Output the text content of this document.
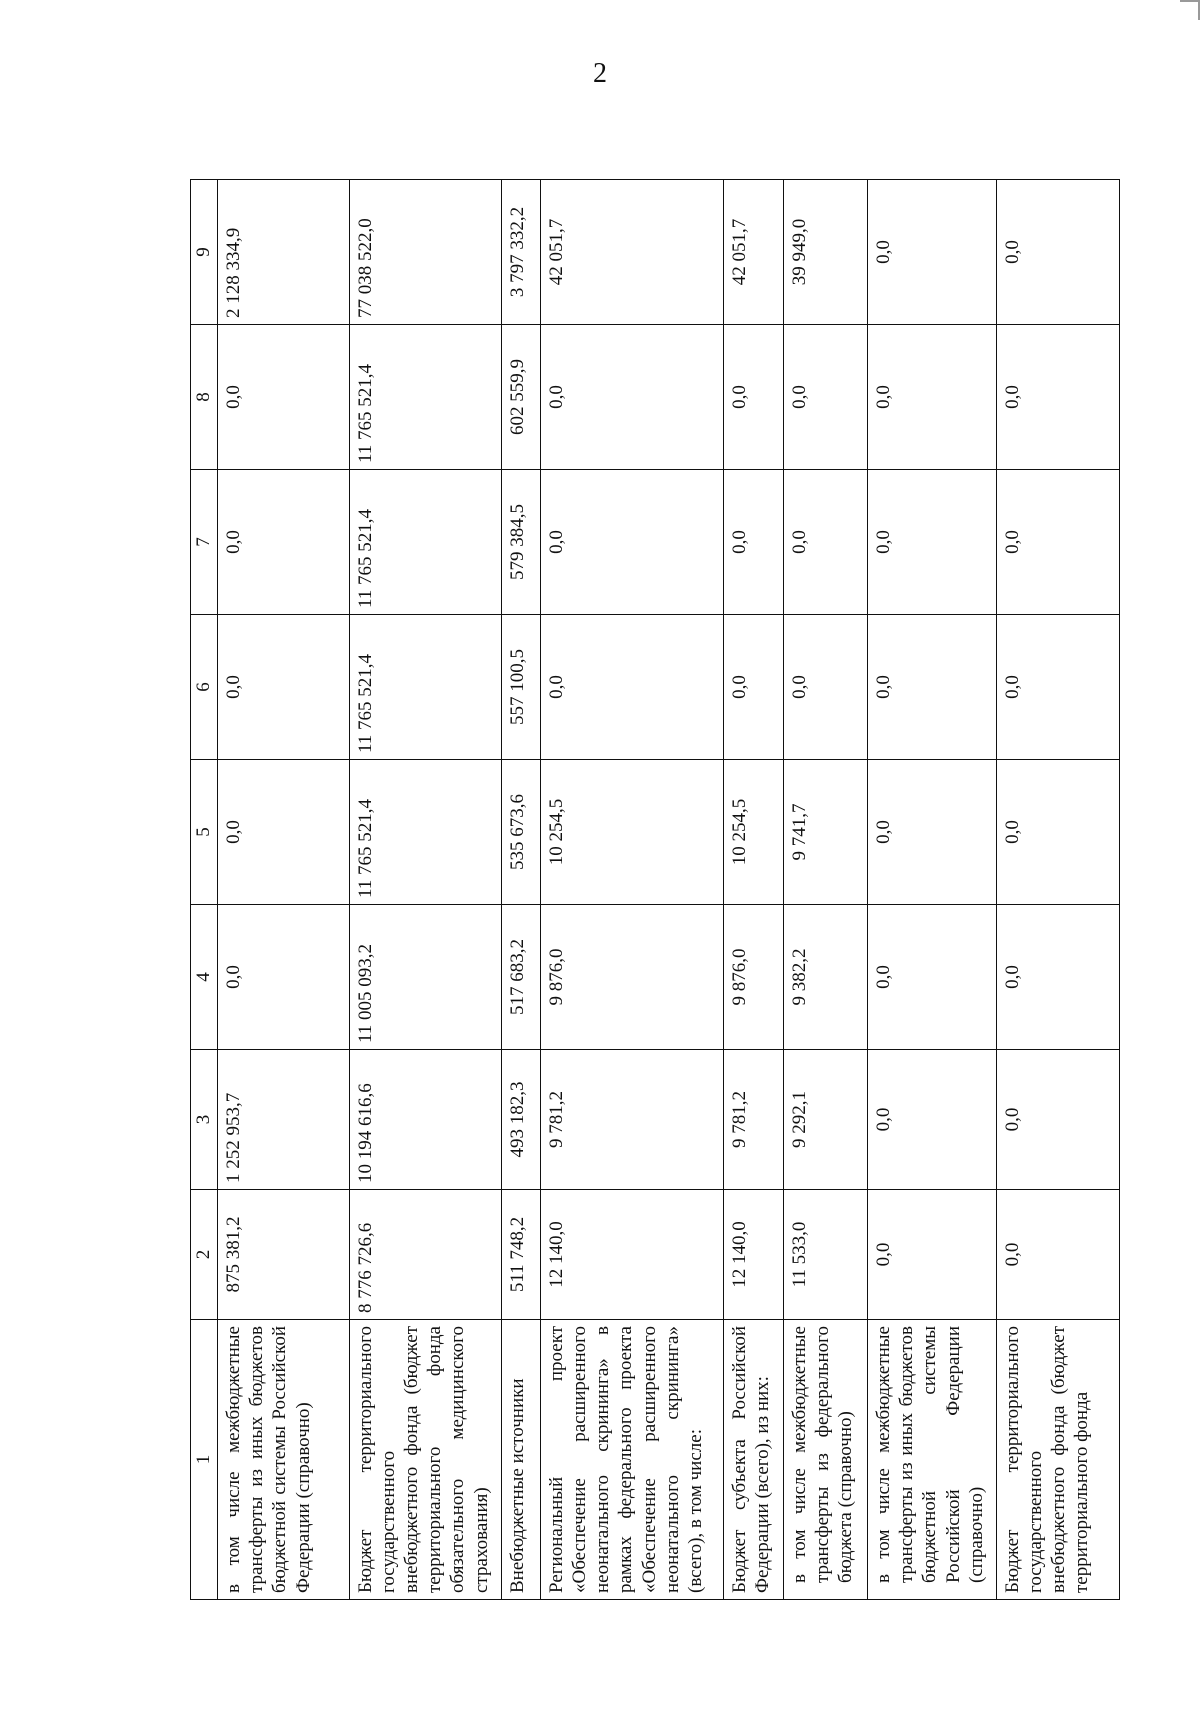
2
1	2	3	4	5	6	7	8	9
в том числе межбюджетные трансферты из иных бюджетов бюджетной системы Российской Федерации (справочно)	875 381,2	1 252 953,7	0,0	0,0	0,0	0,0	0,0	2 128 334,9
Бюджет территориального государственного внебюджетного фонда (бюджет территориального фонда обязательного медицинского страхования)	8 776 726,6	10 194 616,6	11 005 093,2	11 765 521,4	11 765 521,4	11 765 521,4	11 765 521,4	77 038 522,0
Внебюджетные источники	511 748,2	493 182,3	517 683,2	535 673,6	557 100,5	579 384,5	602 559,9	3 797 332,2
Региональный проект «Обеспечение расширенного неонатального скрининга» в рамках федерального проекта «Обеспечение расширенного неонатального скрининга» (всего), в том числе:	12 140,0	9 781,2	9 876,0	10 254,5	0,0	0,0	0,0	42 051,7
Бюджет субъекта Российской Федерации (всего), из них:	12 140,0	9 781,2	9 876,0	10 254,5	0,0	0,0	0,0	42 051,7
в том числе межбюджетные трансферты из федерального бюджета (справочно)	11 533,0	9 292,1	9 382,2	9 741,7	0,0	0,0	0,0	39 949,0
в том числе межбюджетные трансферты из иных бюджетов бюджетной системы Российской Федерации (справочно)	0,0	0,0	0,0	0,0	0,0	0,0	0,0	0,0
Бюджет территориального государственного внебюджетного фонда (бюджет территориального фонда	0,0	0,0	0,0	0,0	0,0	0,0	0,0	0,0
